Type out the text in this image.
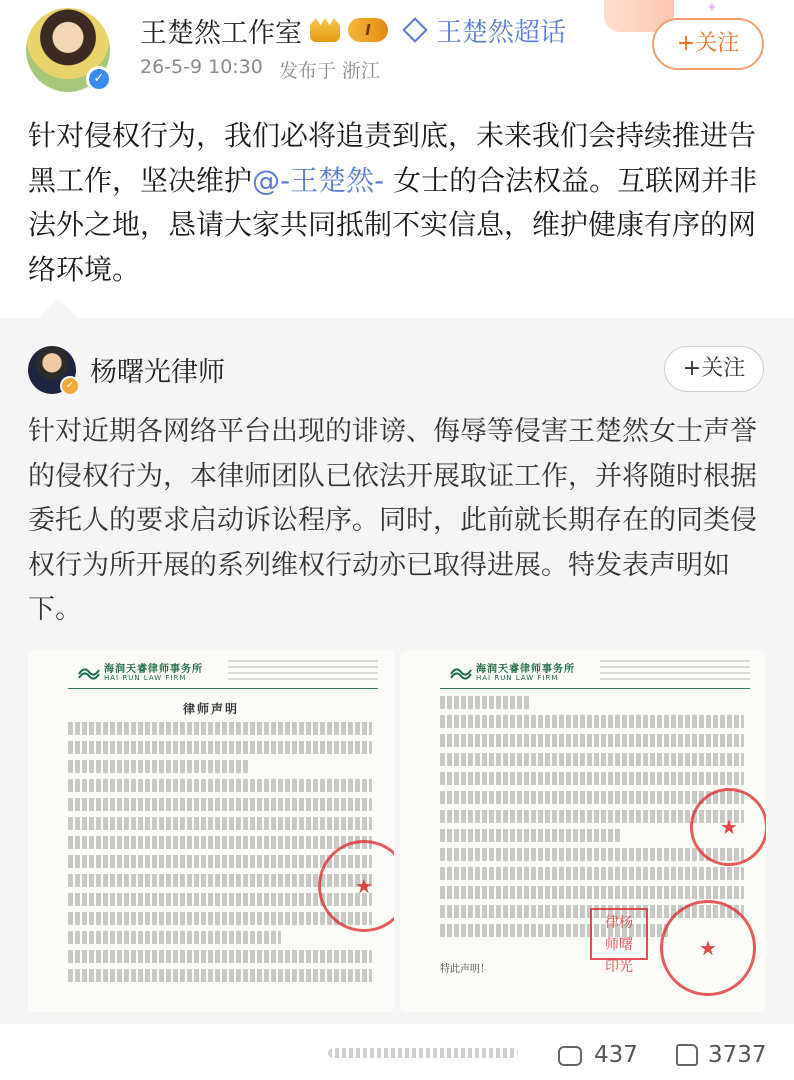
✦
✓
王楚然工作室	I	王楚然超话
26-5-9 10:30 发布于 浙江
+关注
针对侵权行为，我们必将追责到底，未来我们会持续推进告黑工作，坚决维护@-王楚然- 女士的合法权益。互联网并非法外之地，恳请大家共同抵制不实信息，维护健康有序的网络环境。
✓ 杨曙光律师	+关注
针对近期各网络平台出现的诽谤、侮辱等侵害王楚然女士声誉的侵权行为，本律师团队已依法开展取证工作，并将随时根据委托人的要求启动诉讼程序。同时，此前就长期存在的同类侵权行为所开展的系列维权行动亦已取得进展。特发表声明如下。
海润天睿律师事务所
HAI RUN LAW FIRM
律师声明
★
海润天睿律师事务所
HAI RUN LAW FIRM
特此声明！
★
★
律杨
师曙
印光
437	3737
